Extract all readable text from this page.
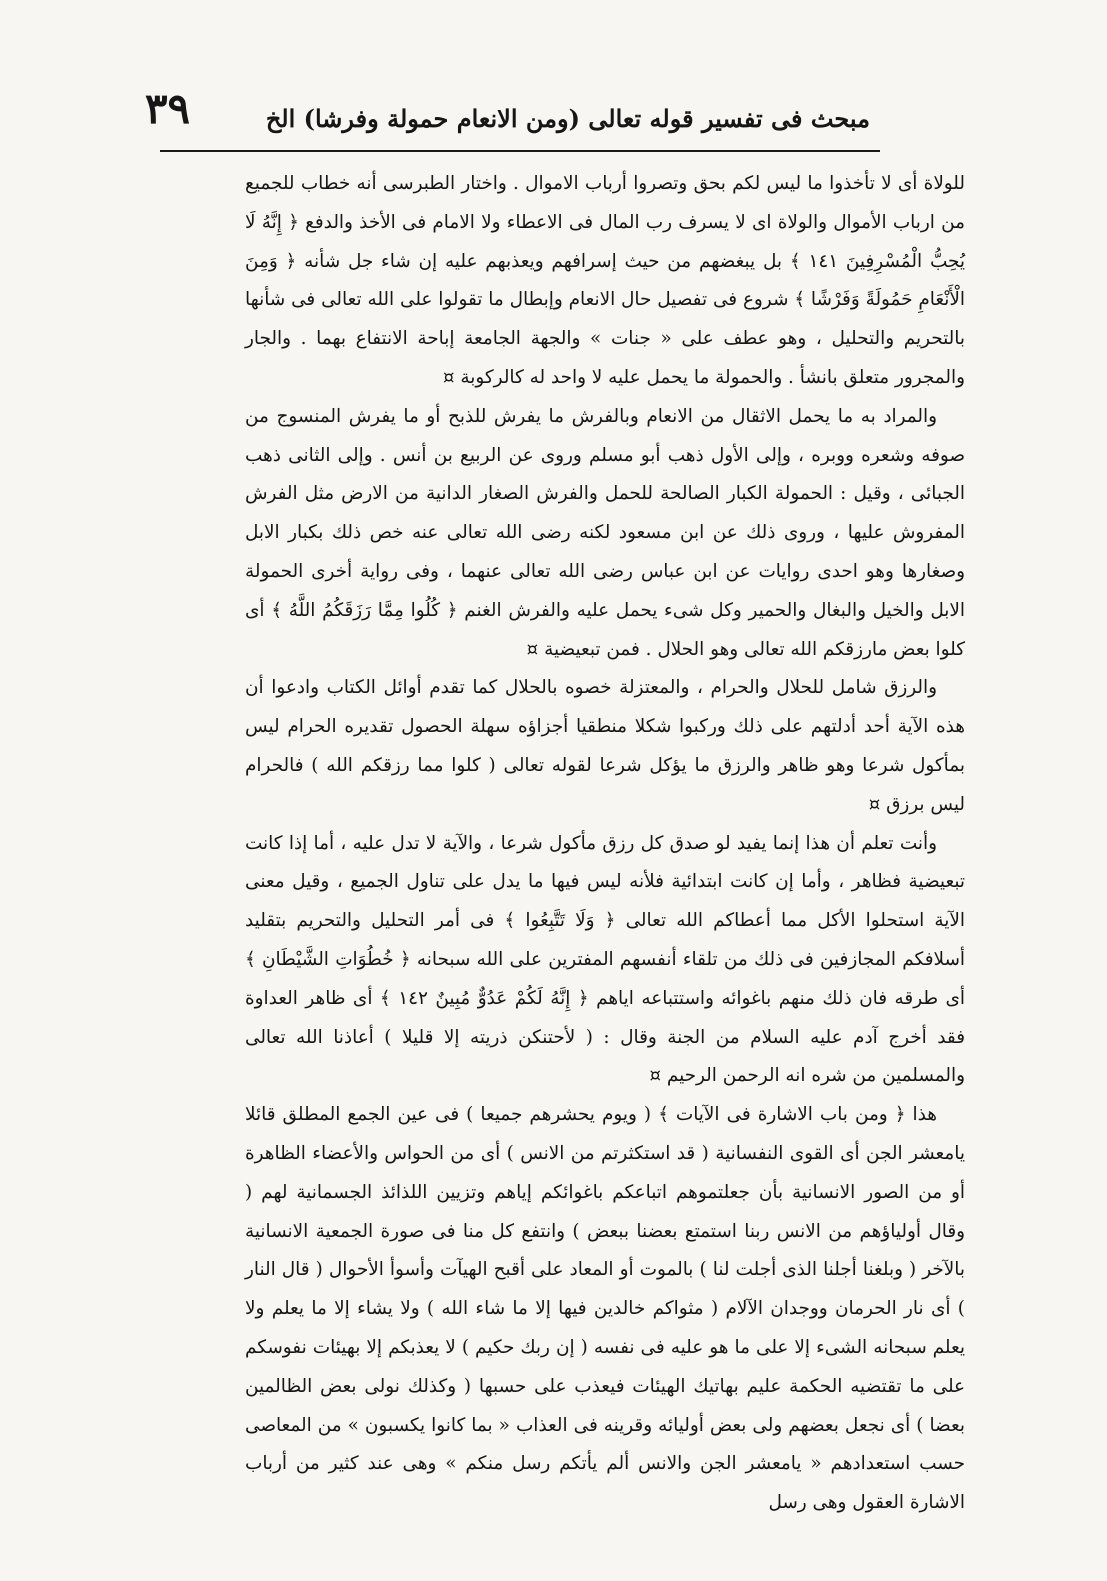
مبحث فى تفسير قوله تعالى (ومن الانعام حمولة وفرشا) الخ
٣٩

للولاة أى لا تأخذوا ما ليس لكم بحق وتصروا أرباب الاموال . واختار الطبرسى أنه خطاب للجميع من ارباب الأموال والولاة اى لا يسرف رب المال فى الاعطاء ولا الامام فى الأخذ والدفع ﴿ إِنَّهُ لَا يُحِبُّ الْمُسْرِفِينَ ١٤١ ﴾ بل يبغضهم من حيث إسرافهم ويعذبهم عليه إن شاء جل شأنه ﴿ وَمِنَ الْأَنْعَامِ حَمُولَةً وَفَرْشًا ﴾ شروع فى تفصيل حال الانعام وإبطال ما تقولوا على الله تعالى فى شأنها بالتحريم والتحليل ، وهو عطف على « جنات » والجهة الجامعة إباحة الانتفاع بهما . والجار والمجرور متعلق بانشأ . والحمولة ما يحمل عليه لا واحد له كالركوبة ¤

والمراد به ما يحمل الاثقال من الانعام وبالفرش ما يفرش للذبح أو ما يفرش المنسوج من صوفه وشعره ووبره ، وإلى الأول ذهب أبو مسلم وروى عن الربيع بن أنس . وإلى الثانى ذهب الجبائى ، وقيل : الحمولة الكبار الصالحة للحمل والفرش الصغار الدانية من الارض مثل الفرش المفروش عليها ، وروى ذلك عن ابن مسعود لكنه رضى الله تعالى عنه خص ذلك بكبار الابل وصغارها وهو احدى روايات عن ابن عباس رضى الله تعالى عنهما ، وفى رواية أخرى الحمولة الابل والخيل والبغال والحمير وكل شىء يحمل عليه والفرش الغنم ﴿ كُلُوا مِمَّا رَزَقَكُمُ اللَّهُ ﴾ أى كلوا بعض مارزقكم الله تعالى وهو الحلال . فمن تبعيضية ¤

والرزق شامل للحلال والحرام ، والمعتزلة خصوه بالحلال كما تقدم أوائل الكتاب وادعوا أن هذه الآية أحد أدلتهم على ذلك وركبوا شكلا منطقيا أجزاؤه سهلة الحصول تقديره الحرام ليس بمأكول شرعا وهو ظاهر والرزق ما يؤكل شرعا لقوله تعالى ( كلوا مما رزقكم الله ) فالحرام ليس برزق ¤

وأنت تعلم أن هذا إنما يفيد لو صدق كل رزق مأكول شرعا ، والآية لا تدل عليه ، أما إذا كانت تبعيضية فظاهر ، وأما إن كانت ابتدائية فلأنه ليس فيها ما يدل على تناول الجميع ، وقيل معنى الآية استحلوا الأكل مما أعطاكم الله تعالى ﴿ وَلَا تَتَّبِعُوا ﴾ فى أمر التحليل والتحريم بتقليد أسلافكم المجازفين فى ذلك من تلقاء أنفسهم المفترين على الله سبحانه ﴿ خُطُوَاتِ الشَّيْطَانِ ﴾ أى طرقه فان ذلك منهم باغوائه واستتباعه اياهم ﴿ إِنَّهُ لَكُمْ عَدُوٌّ مُبِينٌ ١٤٢ ﴾ أى ظاهر العداوة فقد أخرج آدم عليه السلام من الجنة وقال : ( لأحتنكن ذريته إلا قليلا ) أعاذنا الله تعالى والمسلمين من شره انه الرحمن الرحيم ¤

هذا ﴿ ومن باب الاشارة فى الآيات ﴾ ( ويوم يحشرهم جميعا ) فى عين الجمع المطلق قائلا يامعشر الجن أى القوى النفسانية ( قد استكثرتم من الانس ) أى من الحواس والأعضاء الظاهرة أو من الصور الانسانية بأن جعلتموهم اتباعكم باغوائكم إياهم وتزيين اللذائذ الجسمانية لهم ( وقال أولياؤهم من الانس ربنا استمتع بعضنا ببعض ) وانتفع كل منا فى صورة الجمعية الانسانية بالآخر ( وبلغنا أجلنا الذى أجلت لنا ) بالموت أو المعاد على أقبح الهيآت وأسوأ الأحوال ( قال النار ) أى نار الحرمان ووجدان الآلام ( مثواكم خالدين فيها إلا ما شاء الله ) ولا يشاء إلا ما يعلم ولا يعلم سبحانه الشىء إلا على ما هو عليه فى نفسه ( إن ربك حكيم ) لا يعذبكم إلا بهيئات نفوسكم على ما تقتضيه الحكمة عليم بهاتيك الهيئات فيعذب على حسبها ( وكذلك نولى بعض الظالمين بعضا ) أى نجعل بعضهم ولى بعض أوليائه وقرينه فى العذاب « بما كانوا يكسبون » من المعاصى حسب استعدادهم « يامعشر الجن والانس ألم يأتكم رسل منكم » وهى عند كثير من أرباب الاشارة العقول وهى رسل
